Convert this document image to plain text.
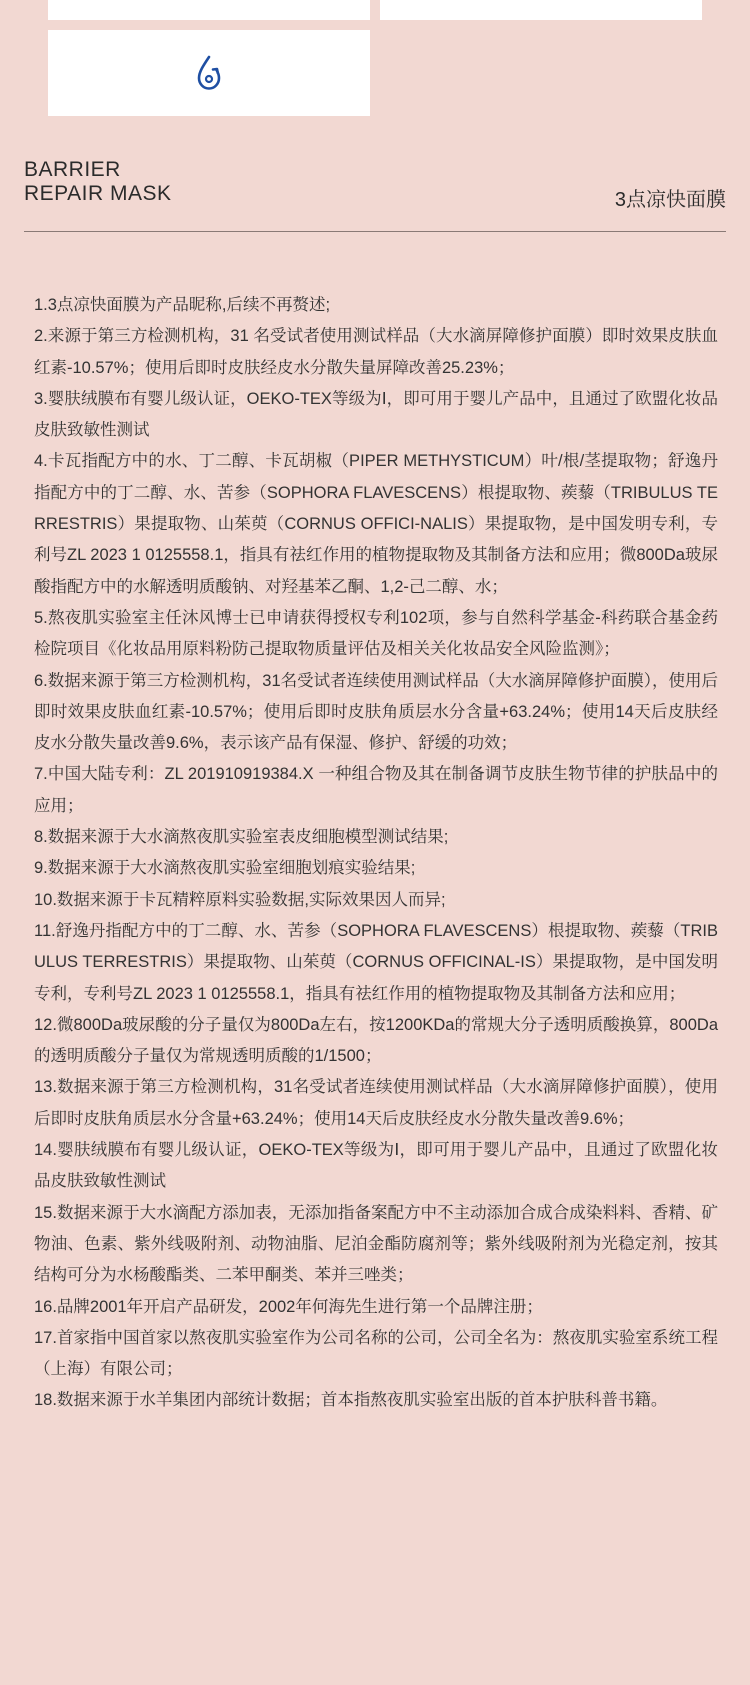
BARRIER
REPAIR MASK	3点凉快面膜
1.3点凉快面膜为产品昵称,后续不再赘述;
2.来源于第三方检测机构，31 名受试者使用测试样品（大水滴屏障修护面膜）即时效果皮肤血红素-10.57%；使用后即时皮肤经皮水分散失量屏障改善25.23%；
3.婴肤绒膜布有婴儿级认证，OEKO-TEX等级为Ⅰ，即可用于婴儿产品中，且通过了欧盟化妆品皮肤致敏性测试
4.卡瓦指配方中的水、丁二醇、卡瓦胡椒（PIPER METHYSTICUM）叶/根/茎提取物；舒逸丹指配方中的丁二醇、水、苦参（SOPHORA FLAVESCENS）根提取物、蒺藜（TRIBULUS TERRESTRIS）果提取物、山茱萸（CORNUS OFFICI-NALIS）果提取物，是中国发明专利，专利号ZL 2023 1 0125558.1，指具有祛红作用的植物提取物及其制备方法和应用；微800Da玻尿酸指配方中的水解透明质酸钠、对羟基苯乙酮、1,2-己二醇、水；
5.熬夜肌实验室主任沐风博士已申请获得授权专利102项，参与自然科学基金-科药联合基金药检院项目《化妆品用原料粉防己提取物质量评估及相关关化妆品安全风险监测》；
6.数据来源于第三方检测机构，31名受试者连续使用测试样品（大水滴屏障修护面膜），使用后即时效果皮肤血红素-10.57%；使用后即时皮肤角质层水分含量+63.24%；使用14天后皮肤经皮水分散失量改善9.6%，表示该产品有保湿、修护、舒缓的功效；
7.中国大陆专利：ZL 201910919384.X 一种组合物及其在制备调节皮肤生物节律的护肤品中的应用；
8.数据来源于大水滴熬夜肌实验室表皮细胞模型测试结果;
9.数据来源于大水滴熬夜肌实验室细胞划痕实验结果;
10.数据来源于卡瓦精粹原料实验数据,实际效果因人而异;
11.舒逸丹指配方中的丁二醇、水、苦参（SOPHORA FLAVESCENS）根提取物、蒺藜（TRIBULUS TERRESTRIS）果提取物、山茱萸（CORNUS OFFICINAL-IS）果提取物，是中国发明专利，专利号ZL 2023 1 0125558.1，指具有祛红作用的植物提取物及其制备方法和应用；
12.微800Da玻尿酸的分子量仅为800Da左右，按1200KDa的常规大分子透明质酸换算，800Da的透明质酸分子量仅为常规透明质酸的1/1500；
13.数据来源于第三方检测机构，31名受试者连续使用测试样品（大水滴屏障修护面膜），使用后即时皮肤角质层水分含量+63.24%；使用14天后皮肤经皮水分散失量改善9.6%；
14.婴肤绒膜布有婴儿级认证，OEKO-TEX等级为Ⅰ，即可用于婴儿产品中，且通过了欧盟化妆品皮肤致敏性测试
15.数据来源于大水滴配方添加表，无添加指备案配方中不主动添加合成合成染料料、香精、矿物油、色素、紫外线吸附剂、动物油脂、尼泊金酯防腐剂等；紫外线吸附剂为光稳定剂，按其结构可分为水杨酸酯类、二苯甲酮类、苯并三唑类；
16.品牌2001年开启产品研发，2002年何海先生进行第一个品牌注册；
17.首家指中国首家以熬夜肌实验室作为公司名称的公司，公司全名为：熬夜肌实验室系统工程（上海）有限公司；
18.数据来源于水羊集团内部统计数据；首本指熬夜肌实验室出版的首本护肤科普书籍。
